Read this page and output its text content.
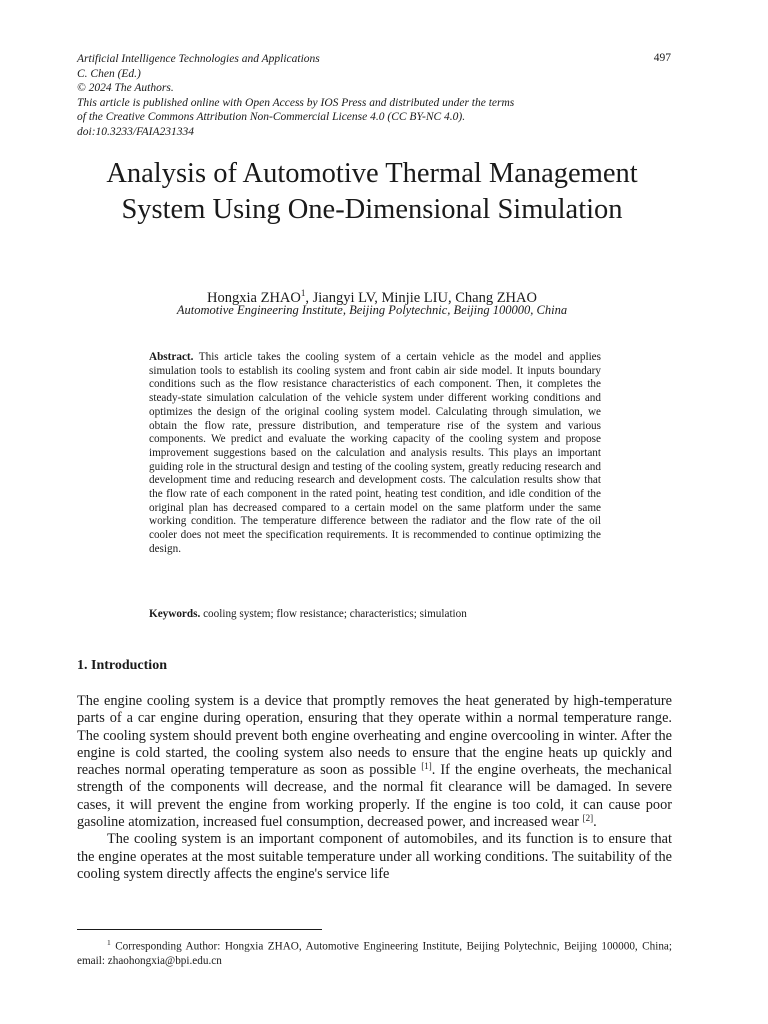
Artificial Intelligence Technologies and Applications
C. Chen (Ed.)
© 2024 The Authors.
This article is published online with Open Access by IOS Press and distributed under the terms
of the Creative Commons Attribution Non-Commercial License 4.0 (CC BY-NC 4.0).
doi:10.3233/FAIA231334
497
Analysis of Automotive Thermal Management System Using One-Dimensional Simulation
Hongxia ZHAO$^1$, Jiangyi LV, Minjie LIU, Chang ZHAO
Automotive Engineering Institute, Beijing Polytechnic, Beijing 100000, China
Abstract. This article takes the cooling system of a certain vehicle as the model and applies simulation tools to establish its cooling system and front cabin air side model. It inputs boundary conditions such as the flow resistance characteristics of each component. Then, it completes the steady-state simulation calculation of the vehicle system under different working conditions and optimizes the design of the original cooling system model. Calculating through simulation, we obtain the flow rate, pressure distribution, and temperature rise of the system and various components. We predict and evaluate the working capacity of the cooling system and propose improvement suggestions based on the calculation and analysis results. This plays an important guiding role in the structural design and testing of the cooling system, greatly reducing research and development time and reducing research and development costs. The calculation results show that the flow rate of each component in the rated point, heating test condition, and idle condition of the original plan has decreased compared to a certain model on the same platform under the same working condition. The temperature difference between the radiator and the flow rate of the oil cooler does not meet the specification requirements. It is recommended to continue optimizing the design.
Keywords. cooling system; flow resistance; characteristics; simulation
1. Introduction

The engine cooling system is a device that promptly removes the heat generated by high-temperature parts of a car engine during operation, ensuring that they operate within a normal temperature range. The cooling system should prevent both engine overheating and engine overcooling in winter. After the engine is cold started, the cooling system also needs to ensure that the engine heats up quickly and reaches normal operating temperature as soon as possible [1]. If the engine overheats, the mechanical strength of the components will decrease, and the normal fit clearance will be damaged. In severe cases, it will prevent the engine from working properly. If the engine is too cold, it can cause poor gasoline atomization, increased fuel consumption, decreased power, and increased wear [2].

The cooling system is an important component of automobiles, and its function is to ensure that the engine operates at the most suitable temperature under all working conditions. The suitability of the cooling system directly affects the engine's service life

$^1$ Corresponding Author: Hongxia ZHAO, Automotive Engineering Institute, Beijing Polytechnic, Beijing 100000, China; email: zhaohongxia@bpi.edu.cn
